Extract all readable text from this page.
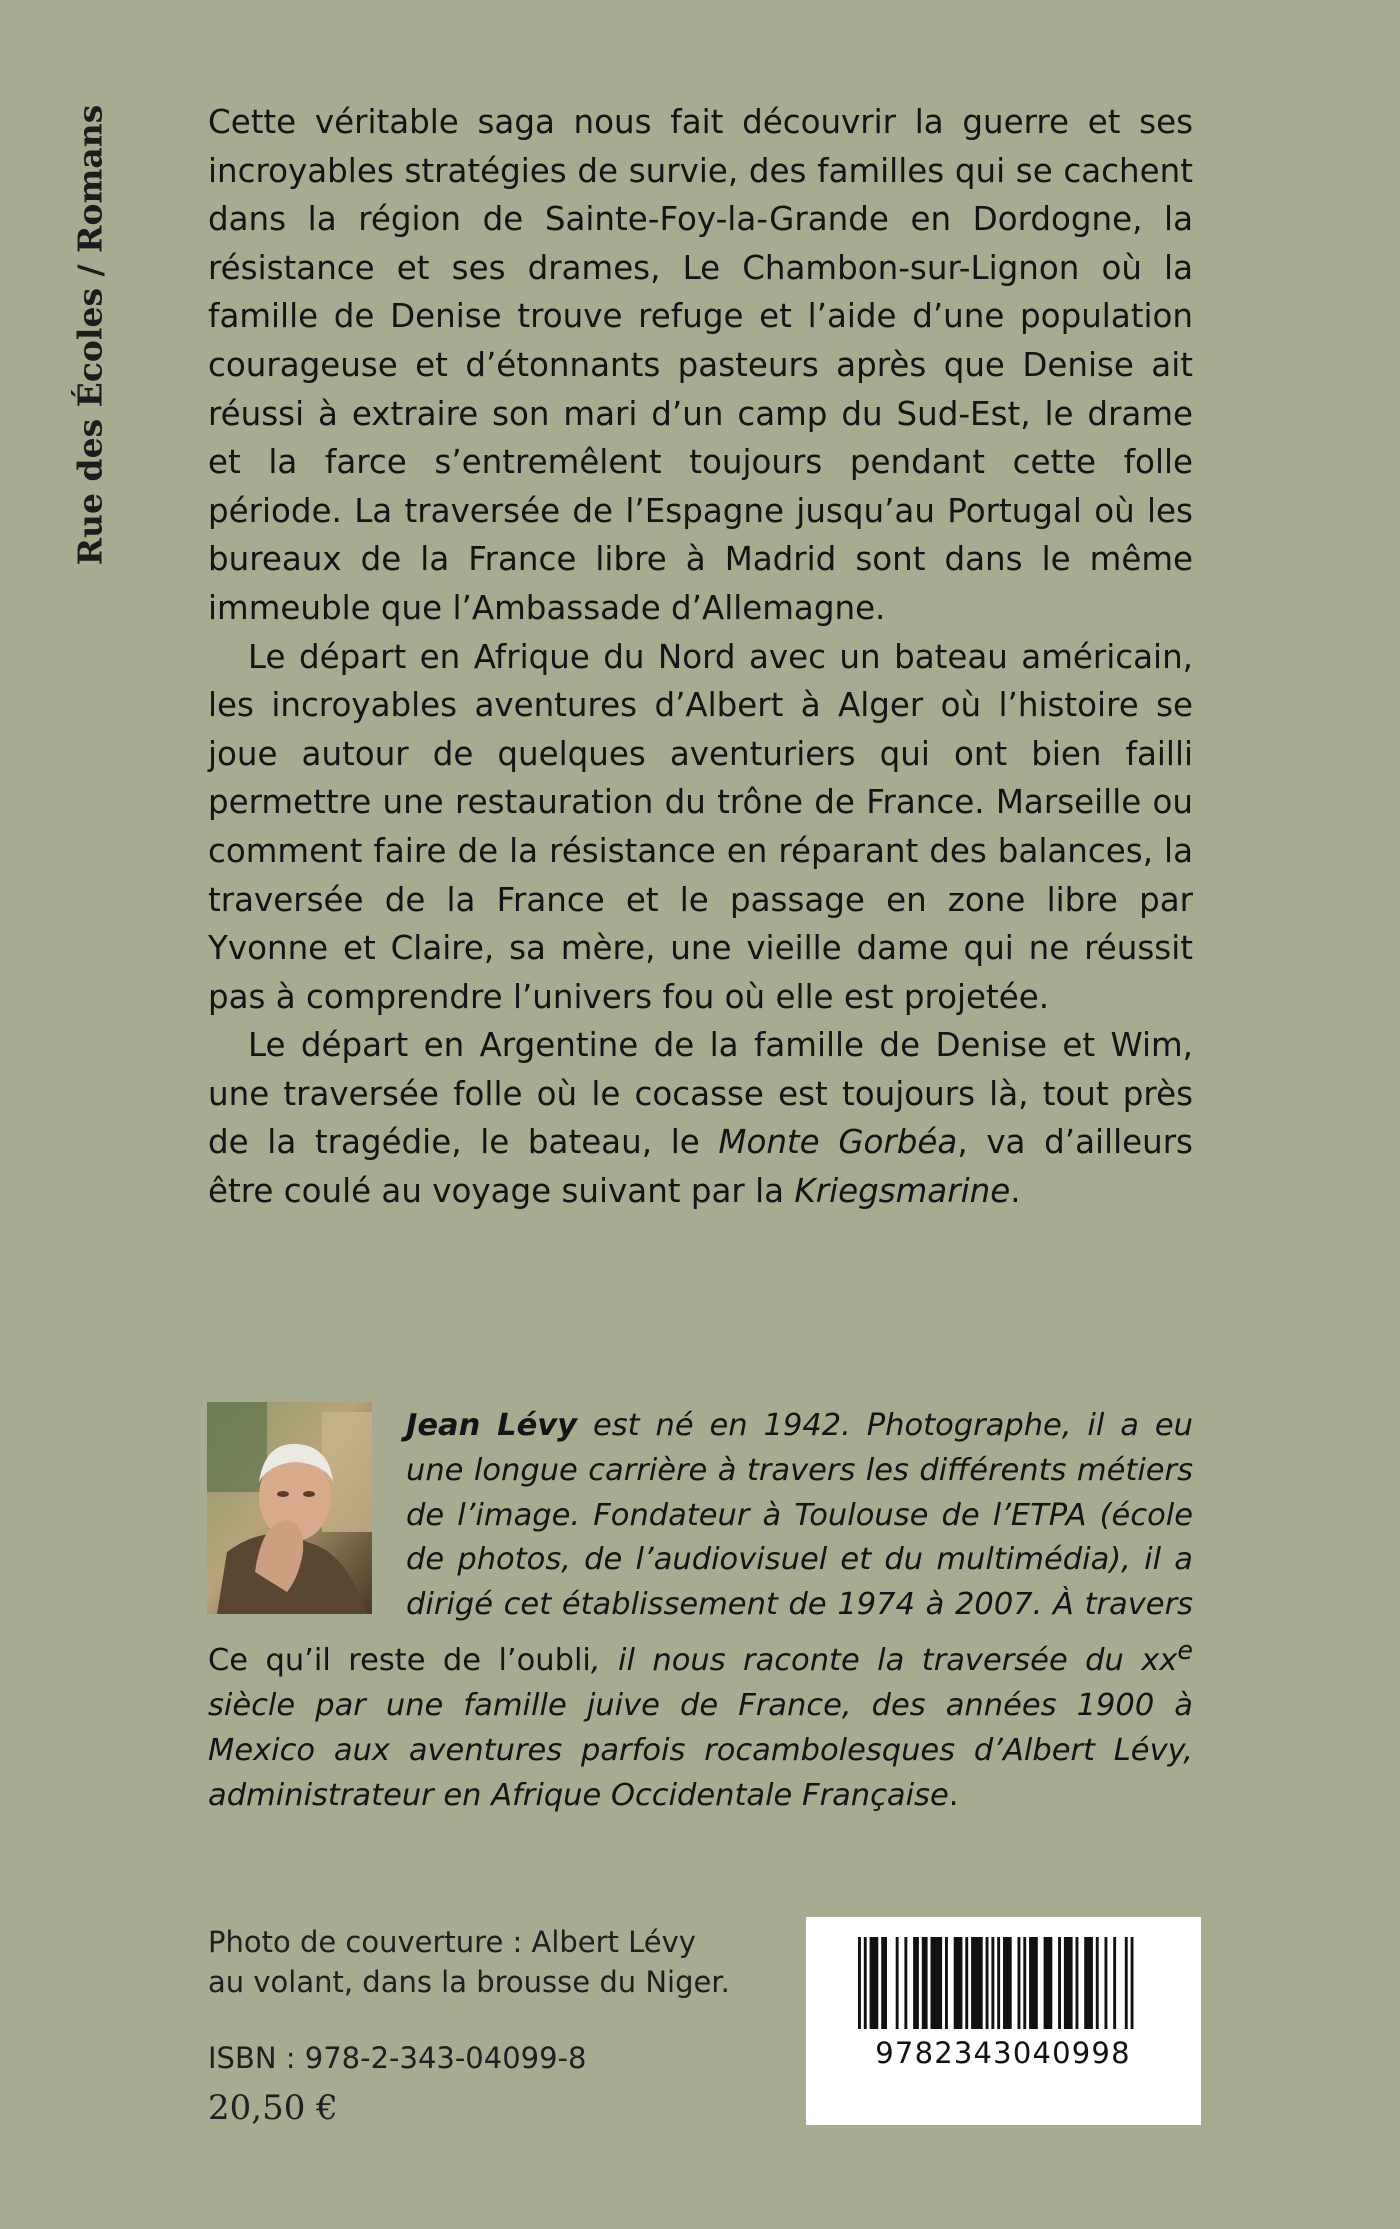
Rue des Écoles / Romans	Cette véritable saga nous fait découvrir la guerre et ses incroyables stratégies de survie, des familles qui se cachent dans la région de Sainte-Foy-la-Grande en Dordogne, la résistance et ses drames, Le Chambon-sur-Lignon où la famille de Denise trouve refuge et l’aide d’une population courageuse et d’étonnants pasteurs après que Denise ait réussi à extraire son mari d’un camp du Sud-Est, le drame et la farce s’entremêlent toujours pendant cette folle période. La traversée de l’Espagne jusqu’au Portugal où les bureaux de la France libre à Madrid sont dans le même immeuble que l’Ambassade d’Allemagne.

Le départ en Afrique du Nord avec un bateau américain, les incroyables aventures d’Albert à Alger où l’histoire se joue autour de quelques aventuriers qui ont bien failli permettre une restauration du trône de France. Marseille ou comment faire de la résistance en réparant des balances, la traversée de la France et le passage en zone libre par Yvonne et Claire, sa mère, une vieille dame qui ne réussit pas à comprendre l’univers fou où elle est projetée.

Le départ en Argentine de la famille de Denise et Wim, une traversée folle où le cocasse est toujours là, tout près de la tragédie, le bateau, le Monte Gorbéa, va d’ailleurs être coulé au voyage suivant par la Kriegsmarine.

Jean Lévy est né en 1942. Photographe, il a eu une longue carrière à travers les différents métiers de l’image. Fondateur à Toulouse de l’ETPA (école de photos, de l’audiovisuel et du multimédia), il a dirigé cet établissement de 1974 à 2007. À travers Ce qu’il reste de l’oubli, il nous raconte la traversée du $xx^e$ siècle par une famille juive de France, des années 1900 à Mexico aux aventures parfois rocambolesques d’Albert Lévy, administrateur en Afrique Occidentale Française.

Photo de couverture : Albert Lévy

au volant, dans la brousse du Niger.

ISBN : 978-2-343-04099-8
20,50 €
9782343040998
